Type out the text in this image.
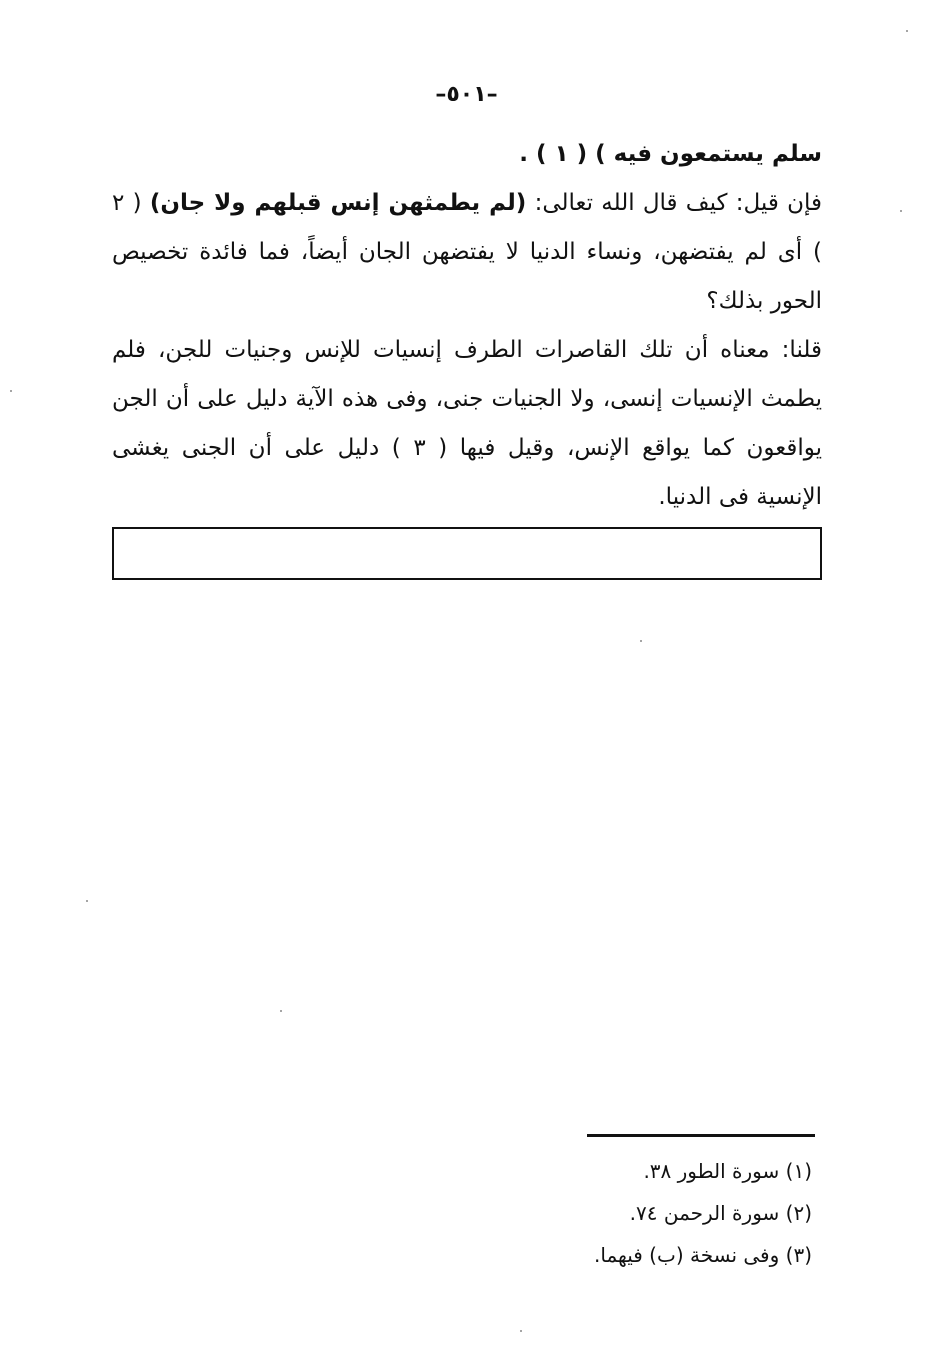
–٥٠١–

سلم يستمعون فيه ) ( ١ ) .

فإن قيل: كيف قال الله تعالى: (لم يطمثهن إنس قبلهم ولا جان) ( ٢ ) أى لم يفتضهن، ونساء الدنيا لا يفتضهن الجان أيضاً، فما فائدة تخصيص الحور بذلك؟

قلنا: معناه أن تلك القاصرات الطرف إنسيات للإنس وجنيات للجن، فلم يطمث الإنسيات إنسى، ولا الجنيات جنى، وفى هذه الآية دليل على أن الجن يواقعون كما يواقع الإنس، وقيل فيها ( ٣ ) دليل على أن الجنى يغشى الإنسية فى الدنيا.

(١) سورة الطور ٣٨.

(٢) سورة الرحمن ٧٤.

(٣) وفى نسخة (ب) فيهما.
